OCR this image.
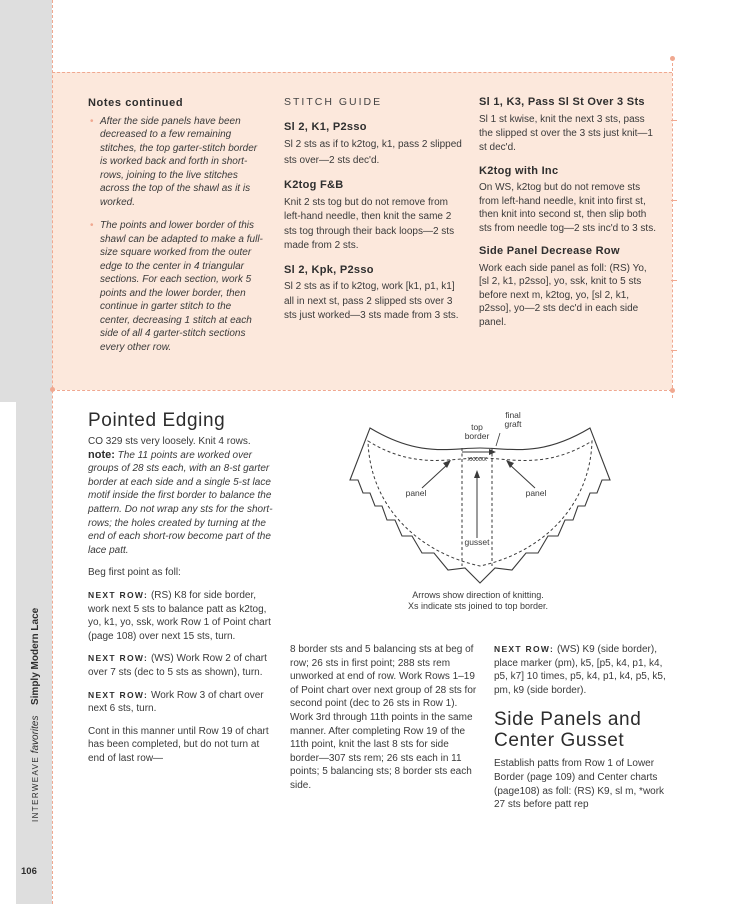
Notes continued
• After the side panels have been decreased to a few remaining stitches, the top garter-stitch border is worked back and forth in short-rows, joining to the live stitches across the top of the shawl as it is worked.
• The points and lower border of this shawl can be adapted to make a full-size square worked from the outer edge to the center in 4 triangular sections. For each section, work 5 points and the lower border, then continue in garter stitch to the center, decreasing 1 stitch at each side of all 4 garter-stitch sections every other row.
STITCH GUIDE
Sl 2, K1, P2sso

Sl 2 sts as if to k2tog, k1, pass 2 slipped sts over—2 sts dec'd.

K2tog F&B

Knit 2 sts tog but do not remove from left-hand needle, then knit the same 2 sts tog through their back loops—2 sts made from 2 sts.

Sl 2, Kpk, P2sso

Sl 2 sts as if to k2tog, work [k1, p1, k1] all in next st, pass 2 slipped sts over 3 sts just worked—3 sts made from 3 sts.

Sl 1, K3, Pass Sl St Over 3 Sts

Sl 1 st kwise, knit the next 3 sts, pass the slipped st over the 3 sts just knit—1 st dec'd.

K2tog with Inc

On WS, k2tog but do not remove sts from left-hand needle, knit into first st, then knit into second st, then slip both sts from needle tog—2 sts inc'd to 3 sts.

Side Panel Decrease Row

Work each side panel as foll: (RS) Yo, [sl 2, k1, p2sso], yo, ssk, knit to 5 sts before next m, k2tog, yo, [sl 2, k1, p2sso], yo—2 sts dec'd in each side panel.

Pointed Edging

CO 329 sts very loosely. Knit 4 rows. note: The 11 points are worked over groups of 28 sts each, with an 8-st garter border at each side and a single 5-st lace motif inside the first border to balance the pattern. Do not wrap any sts for the short-rows; the holes created by turning at the end of each short-row become part of the lace patt.

Beg first point as foll:

NEXT ROW: (RS) K8 for side border, work next 5 sts to balance patt as k2tog, yo, k1, yo, ssk, work Row 1 of Point chart (page 108) over next 15 sts, turn.

NEXT ROW: (WS) Work Row 2 of chart over 7 sts (dec to 5 sts as shown), turn.

NEXT ROW: Work Row 3 of chart over next 6 sts, turn.

Cont in this manner until Row 19 of chart has been completed, but do not turn at end of last row—

8 border sts and 5 balancing sts at beg of row; 26 sts in first point; 288 sts rem unworked at end of row. Work Rows 1–19 of Point chart over next group of 28 sts for second point (dec to 26 sts in Row 1). Work 3rd through 11th points in the same manner. After completing Row 19 of the 11th point, knit the last 8 sts for side border—307 sts rem; 26 sts each in 11 points; 5 balancing sts; 8 border sts each side.

NEXT ROW: (WS) K9 (side border), place marker (pm), k5, [p5, k4, p1, k4, p5, k7] 10 times, p5, k4, p1, k4, p5, k5, pm, k9 (side border).

Side Panels and
Center Gusset

Establish patts from Row 1 of Lower Border (page 109) and Center charts (page108) as foll: (RS) K9, sl m, *work 27 sts before patt rep

top
border
final
graft
xxxxxx
panel	panel
gusset
Arrows show direction of knitting.
Xs indicate sts joined to top border.
INTERWEAVE favorites Simply Modern Lace
106
